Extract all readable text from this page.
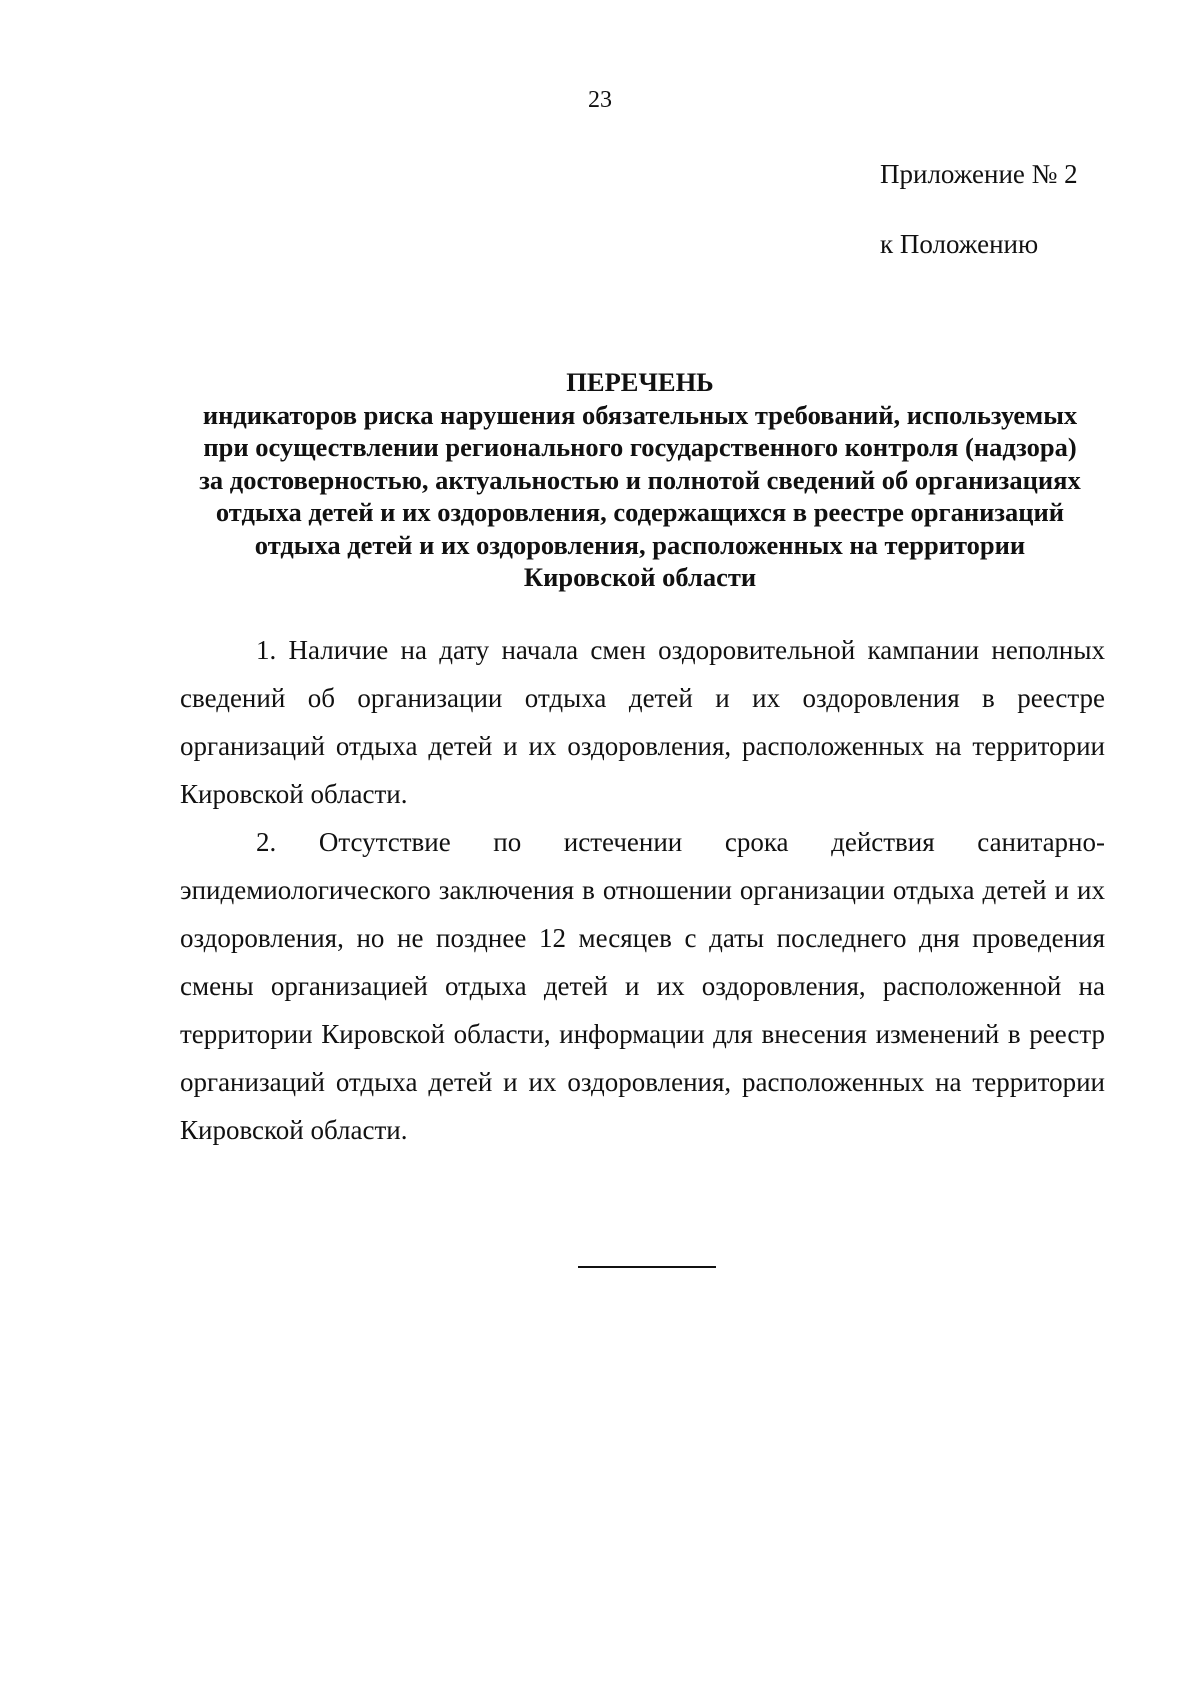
23
Приложение № 2
к Положению
ПЕРЕЧЕНЬ
индикаторов риска нарушения обязательных требований, используемых
при осуществлении регионального государственного контроля (надзора)
за достоверностью, актуальностью и полнотой сведений об организациях
отдыха детей и их оздоровления, содержащихся в реестре организаций
отдыха детей и их оздоровления, расположенных на территории
Кировской области

1. Наличие на дату начала смен оздоровительной кампании неполных сведений об организации отдыха детей и их оздоровления в реестре организаций отдыха детей и их оздоровления, расположенных на территории Кировской области.

2. Отсутствие по истечении срока действия санитарно-эпидемиологического заключения в отношении организации отдыха детей и их оздоровления, но не позднее 12 месяцев с даты последнего дня проведения смены организацией отдыха детей и их оздоровления, расположенной на территории Кировской области, информации для внесения изменений в реестр организаций отдыха детей и их оздоровления, расположенных на территории Кировской области.
